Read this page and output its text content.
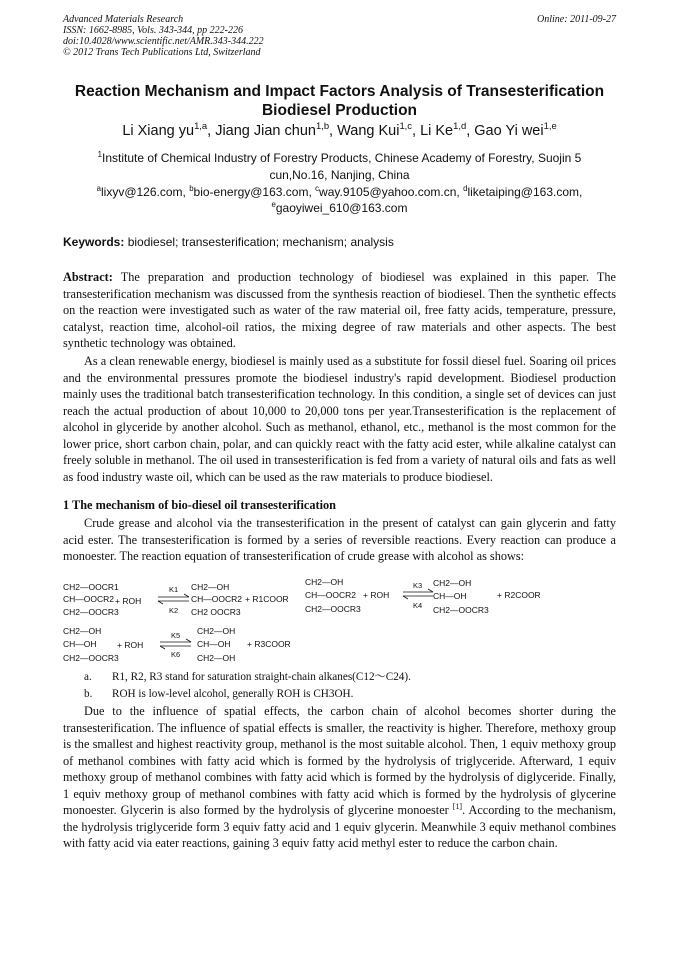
Advanced Materials Research
ISSN: 1662-8985, Vols. 343-344, pp 222-226
doi:10.4028/www.scientific.net/AMR.343-344.222
© 2012 Trans Tech Publications Ltd, Switzerland
Online: 2011-09-27
Reaction Mechanism and Impact Factors Analysis of Transesterification Biodiesel Production
Li Xiang yu$^{1,a}$, Jiang Jian chun$^{1,b}$, Wang Kui$^{1,c}$, Li Ke$^{1,d}$, Gao Yi wei$^{1,e}$
$^1$Institute of Chemical Industry of Forestry Products, Chinese Academy of Forestry, Suojin 5 cun,No.16, Nanjing, China
$^a$lixyv@126.com, $^b$bio-energy@163.com, $^c$way.9105@yahoo.com.cn, $^d$liketaiping@163.com,
$^e$gaoyiwei_610@163.com
Keywords: biodiesel; transesterification; mechanism; analysis
Abstract: The preparation and production technology of biodiesel was explained in this paper. The transesterification mechanism was discussed from the synthesis reaction of biodiesel. Then the synthetic effects on the reaction were investigated such as water of the raw material oil, free fatty acids, temperature, pressure, catalyst, reaction time, alcohol-oil ratios, the mixing degree of raw materials and other aspects. The best synthetic technology was obtained.
As a clean renewable energy, biodiesel is mainly used as a substitute for fossil diesel fuel. Soaring oil prices and the environmental pressures promote the biodiesel industry's rapid development. Biodiesel production mainly uses the traditional batch transesterification technology. In this condition, a single set of devices can just reach the actual production of about 10,000 to 20,000 tons per year.Transesterification is the replacement of alcohol in glyceride by another alcohol. Such as methanol, ethanol, etc., methanol is the most common for the lower price, short carbon chain, polar, and can quickly react with the fatty acid ester, while alkaline catalyst can freely soluble in methanol. The oil used in transesterification is fed from a variety of natural oils and fats as well as food industry waste oil, which can be used as the raw materials to produce biodiesel.
1 The mechanism of bio-diesel oil transesterification
Crude grease and alcohol via the transesterification in the present of catalyst can gain glycerin and fatty acid ester. The transesterification is formed by a series of reversible reactions. Every reaction can produce a monoester. The reaction equation of transesterification of crude grease with alcohol as shows:
CH2—OOCR1
CH—OOCR2
CH2—OOCR3
+ ROH
K1
K2
CH2—OH
CH—OOCR2
CH2 OOCR3
+ R1COOR
CH2—OH
CH—OOCR2
CH2—OOCR3
+ ROH
K3
K4
CH2—OH
CH—OH
CH2—OOCR3
+ R2COOR
CH2—OH
CH—OH
CH2—OOCR3
+ ROH
K5
K6
CH2—OH
CH—OH
CH2—OH
+ R3COOR
a. R1, R2, R3 stand for saturation straight-chain alkanes(C12～C24).
b. ROH is low-level alcohol, generally ROH is CH3OH.
Due to the influence of spatial effects, the carbon chain of alcohol becomes shorter during the transesterification. The influence of spatial effects is smaller, the reactivity is higher. Therefore, methoxy group is the smallest and highest reactivity group, methanol is the most suitable alcohol. Then, 1 equiv methoxy group of methanol combines with fatty acid which is formed by the hydrolysis of triglyceride. Afterward, 1 equiv methoxy group of methanol combines with fatty acid which is formed by the hydrolysis of diglyceride. Finally, 1 equiv methoxy group of methanol combines with fatty acid which is formed by the hydrolysis of glycerine monoester. Glycerin is also formed by the hydrolysis of glycerine monoester [1]. According to the mechanism, the hydrolysis triglyceride form 3 equiv fatty acid and 1 equiv glycerin. Meanwhile 3 equiv methanol combines with fatty acid via eater reactions, gaining 3 equiv fatty acid methyl ester to reduce the carbon chain.
